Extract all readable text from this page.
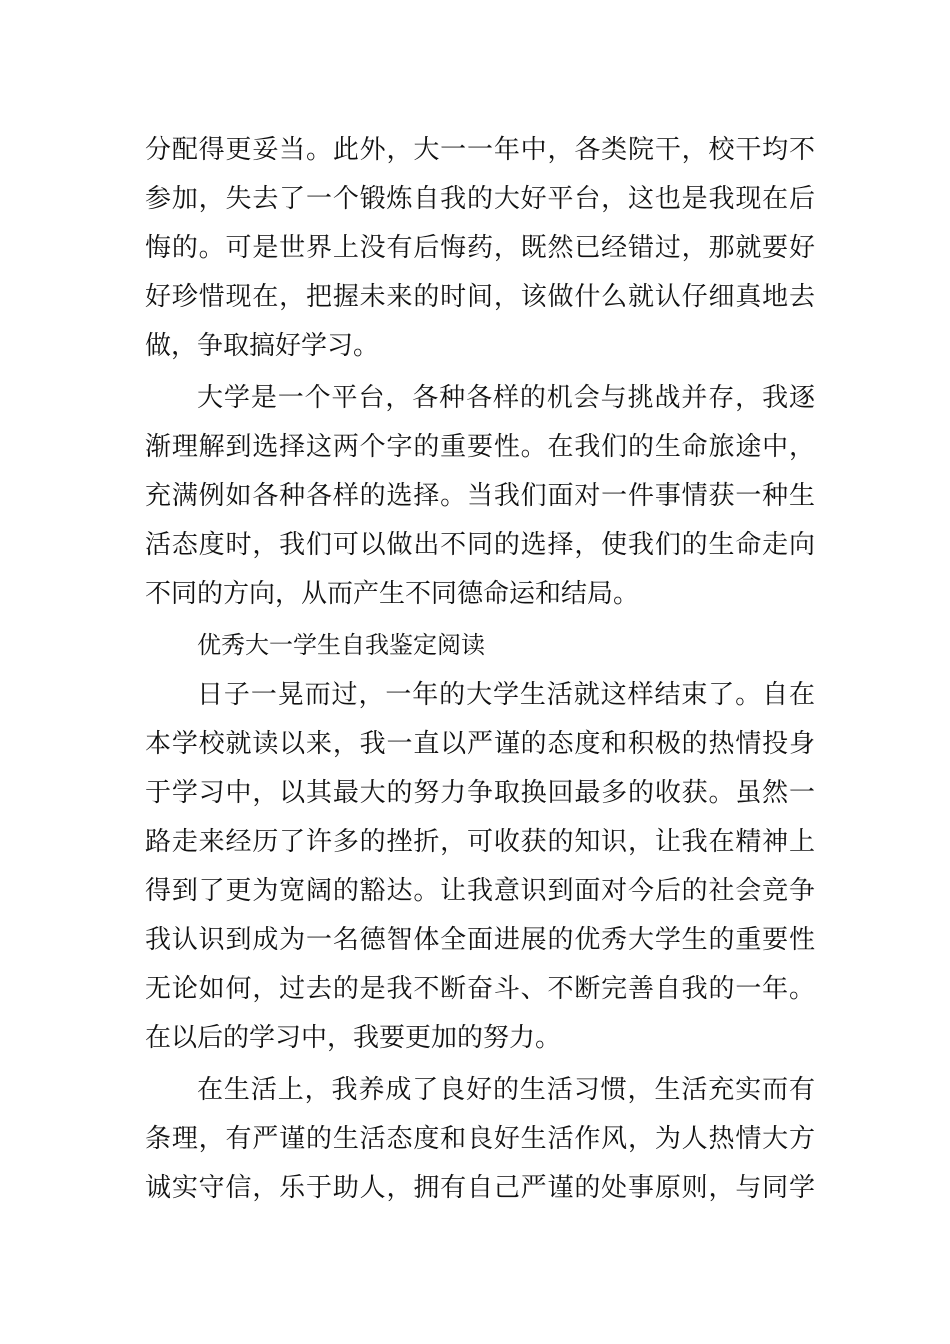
分配得更妥当。此外，大一一年中，各类院干，校干均不
参加，失去了一个锻炼自我的大好平台，这也是我现在后
悔的。可是世界上没有后悔药，既然已经错过，那就要好
好珍惜现在，把握未来的时间，该做什么就认仔细真地去
做，争取搞好学习。
大学是一个平台，各种各样的机会与挑战并存，我逐
渐理解到选择这两个字的重要性。在我们的生命旅途中，
充满例如各种各样的选择。当我们面对一件事情获一种生
活态度时，我们可以做出不同的选择，使我们的生命走向
不同的方向，从而产生不同德命运和结局。
优秀大一学生自我鉴定阅读
日子一晃而过，一年的大学生活就这样结束了。自在
本学校就读以来，我一直以严谨的态度和积极的热情投身
于学习中，以其最大的努力争取换回最多的收获。虽然一
路走来经历了许多的挫折，可收获的知识，让我在精神上
得到了更为宽阔的豁达。让我意识到面对今后的社会竞争
我认识到成为一名德智体全面进展的优秀大学生的重要性
无论如何，过去的是我不断奋斗、不断完善自我的一年。
在以后的学习中，我要更加的努力。
在生活上，我养成了良好的生活习惯，生活充实而有
条理，有严谨的生活态度和良好生活作风，为人热情大方
诚实守信，乐于助人，拥有自己严谨的处事原则，与同学
